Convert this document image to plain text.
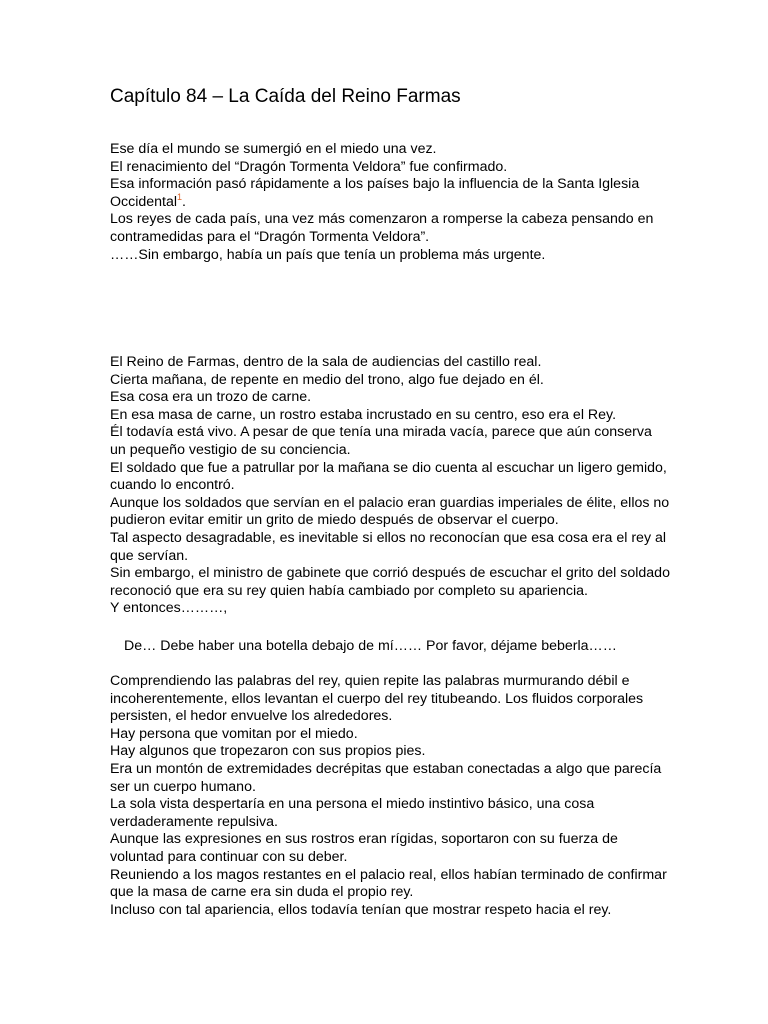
Capítulo 84 – La Caída del Reino Farmas

Ese día el mundo se sumergió en el miedo una vez.

El renacimiento del “Dragón Tormenta Veldora” fue confirmado.

Esa información pasó rápidamente a los países bajo la influencia de la Santa Iglesia Occidental$^1$.

Los reyes de cada país, una vez más comenzaron a romperse la cabeza pensando en contramedidas para el “Dragón Tormenta Veldora”.

……Sin embargo, había un país que tenía un problema más urgente.

El Reino de Farmas, dentro de la sala de audiencias del castillo real.

Cierta mañana, de repente en medio del trono, algo fue dejado en él.

Esa cosa era un trozo de carne.

En esa masa de carne, un rostro estaba incrustado en su centro, eso era el Rey.

Él todavía está vivo. A pesar de que tenía una mirada vacía, parece que aún conserva un pequeño vestigio de su conciencia.

El soldado que fue a patrullar por la mañana se dio cuenta al escuchar un ligero gemido, cuando lo encontró.

Aunque los soldados que servían en el palacio eran guardias imperiales de élite, ellos no pudieron evitar emitir un grito de miedo después de observar el cuerpo.

Tal aspecto desagradable, es inevitable si ellos no reconocían que esa cosa era el rey al que servían.

Sin embargo, el ministro de gabinete que corrió después de escuchar el grito del soldado reconoció que era su rey quien había cambiado por completo su apariencia.

Y entonces………,

De… Debe haber una botella debajo de mí…… Por favor, déjame beberla……

Comprendiendo las palabras del rey, quien repite las palabras murmurando débil e incoherentemente, ellos levantan el cuerpo del rey titubeando. Los fluidos corporales persisten, el hedor envuelve los alrededores.

Hay persona que vomitan por el miedo.

Hay algunos que tropezaron con sus propios pies.

Era un montón de extremidades decrépitas que estaban conectadas a algo que parecía ser un cuerpo humano.

La sola vista despertaría en una persona el miedo instintivo básico, una cosa verdaderamente repulsiva.

Aunque las expresiones en sus rostros eran rígidas, soportaron con su fuerza de voluntad para continuar con su deber.

Reuniendo a los magos restantes en el palacio real, ellos habían terminado de confirmar que la masa de carne era sin duda el propio rey.

Incluso con tal apariencia, ellos todavía tenían que mostrar respeto hacia el rey.
